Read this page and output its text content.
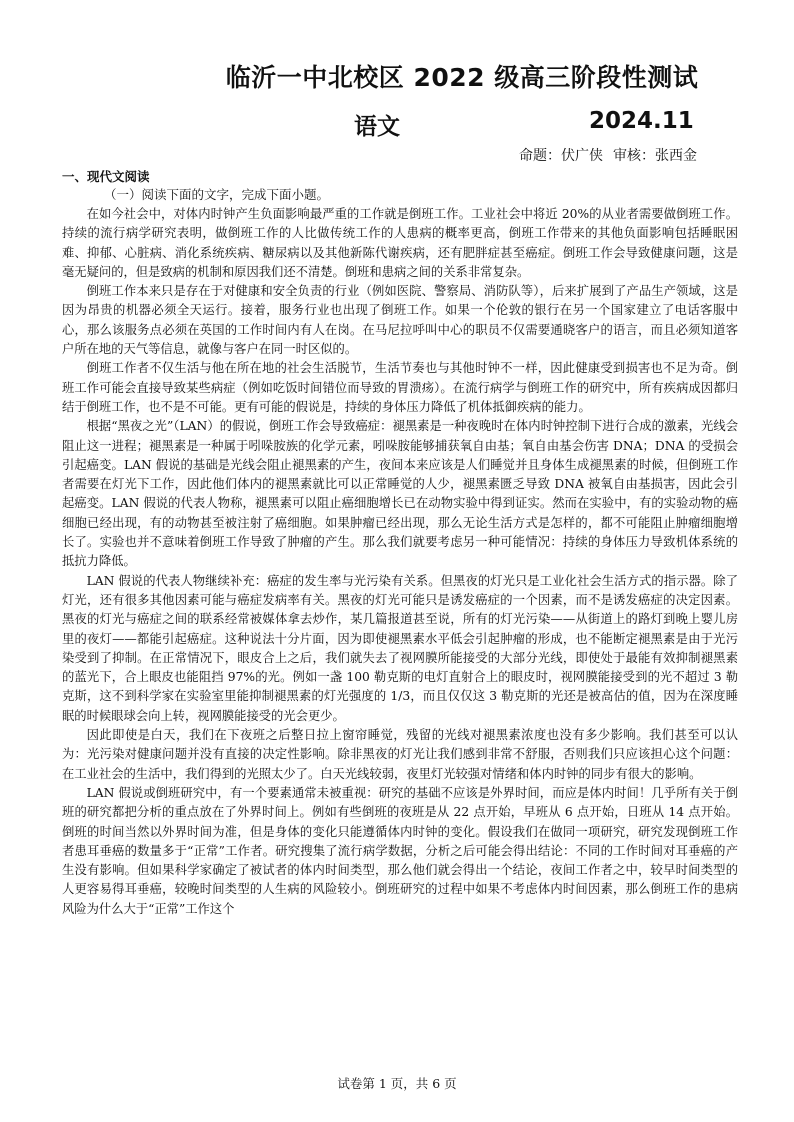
临沂一中北校区 2022 级高三阶段性测试
语文	2024.11
命题：伏广侠 审核：张西金
一、现代文阅读
（一）阅读下面的文字，完成下面小题。

在如今社会中，对体内时钟产生负面影响最严重的工作就是倒班工作。工业社会中将近 20%的从业者需要做倒班工作。持续的流行病学研究表明，做倒班工作的人比做传统工作的人患病的概率更高，倒班工作带来的其他负面影响包括睡眠困难、抑郁、心脏病、消化系统疾病、糖尿病以及其他新陈代谢疾病，还有肥胖症甚至癌症。倒班工作会导致健康问题，这是毫无疑问的，但是致病的机制和原因我们还不清楚。倒班和患病之间的关系非常复杂。

倒班工作本来只是存在于对健康和安全负责的行业（例如医院、警察局、消防队等），后来扩展到了产品生产领域，这是因为昂贵的机器必须全天运行。接着，服务行业也出现了倒班工作。如果一个伦敦的银行在另一个国家建立了电话客服中心，那么该服务点必须在英国的工作时间内有人在岗。在马尼拉呼叫中心的职员不仅需要通晓客户的语言，而且必须知道客户所在地的天气等信息，就像与客户在同一时区似的。

倒班工作者不仅生活与他在所在地的社会生活脱节，生活节奏也与其他时钟不一样，因此健康受到损害也不足为奇。倒班工作可能会直接导致某些病症（例如吃饭时间错位而导致的胃溃疡）。在流行病学与倒班工作的研究中，所有疾病成因都归结于倒班工作，也不是不可能。更有可能的假说是，持续的身体压力降低了机体抵御疾病的能力。

根据“黑夜之光”（LAN）的假说，倒班工作会导致癌症：褪黑素是一种夜晚时在体内时钟控制下进行合成的激素，光线会阻止这一进程；褪黑素是一种属于吲哚胺族的化学元素，吲哚胺能够捕获氧自由基；氧自由基会伤害 DNA；DNA 的受损会引起癌变。LAN 假说的基础是光线会阻止褪黑素的产生，夜间本来应该是人们睡觉并且身体生成褪黑素的时候，但倒班工作者需要在灯光下工作，因此他们体内的褪黑素就比可以正常睡觉的人少，褪黑素匮乏导致 DNA 被氧自由基损害，因此会引起癌变。LAN 假说的代表人物称，褪黑素可以阻止癌细胞增长已在动物实验中得到证实。然而在实验中，有的实验动物的癌细胞已经出现，有的动物甚至被注射了癌细胞。如果肿瘤已经出现，那么无论生活方式是怎样的，都不可能阻止肿瘤细胞增长了。实验也并不意味着倒班工作导致了肿瘤的产生。那么我们就要考虑另一种可能情况：持续的身体压力导致机体系统的抵抗力降低。

LAN 假说的代表人物继续补充：癌症的发生率与光污染有关系。但黑夜的灯光只是工业化社会生活方式的指示器。除了灯光，还有很多其他因素可能与癌症发病率有关。黑夜的灯光可能只是诱发癌症的一个因素，而不是诱发癌症的决定因素。黑夜的灯光与癌症之间的联系经常被媒体拿去炒作，某几篇报道甚至说，所有的灯光污染——从街道上的路灯到晚上婴儿房里的夜灯——都能引起癌症。这种说法十分片面，因为即使褪黑素水平低会引起肿瘤的形成，也不能断定褪黑素是由于光污染受到了抑制。在正常情况下，眼皮合上之后，我们就失去了视网膜所能接受的大部分光线，即使处于最能有效抑制褪黑素的蓝光下，合上眼皮也能阻挡 97%的光。例如一盏 100 勒克斯的电灯直射合上的眼皮时，视网膜能接受到的光不超过 3 勒克斯，这不到科学家在实验室里能抑制褪黑素的灯光强度的 1/3，而且仅仅这 3 勒克斯的光还是被高估的值，因为在深度睡眠的时候眼球会向上转，视网膜能接受的光会更少。

因此即使是白天，我们在下夜班之后整日拉上窗帘睡觉，残留的光线对褪黑素浓度也没有多少影响。我们甚至可以认为：光污染对健康问题并没有直接的决定性影响。除非黑夜的灯光让我们感到非常不舒服，否则我们只应该担心这个问题：在工业社会的生活中，我们得到的光照太少了。白天光线较弱，夜里灯光较强对情绪和体内时钟的同步有很大的影响。

LAN 假说或倒班研究中，有一个要素通常未被重视：研究的基础不应该是外界时间，而应是体内时间！几乎所有关于倒班的研究都把分析的重点放在了外界时间上。例如有些倒班的夜班是从 22 点开始，早班从 6 点开始，日班从 14 点开始。倒班的时间当然以外界时间为准，但是身体的变化只能遵循体内时钟的变化。假设我们在做同一项研究，研究发现倒班工作者患耳垂癌的数量多于“正常”工作者。研究搜集了流行病学数据，分析之后可能会得出结论：不同的工作时间对耳垂癌的产生没有影响。但如果科学家确定了被试者的体内时间类型，那么他们就会得出一个结论，夜间工作者之中，较早时间类型的人更容易得耳垂癌，较晚时间类型的人生病的风险较小。倒班研究的过程中如果不考虑体内时间因素，那么倒班工作的患病风险为什么大于“正常”工作这个

试卷第 1 页，共 6 页
